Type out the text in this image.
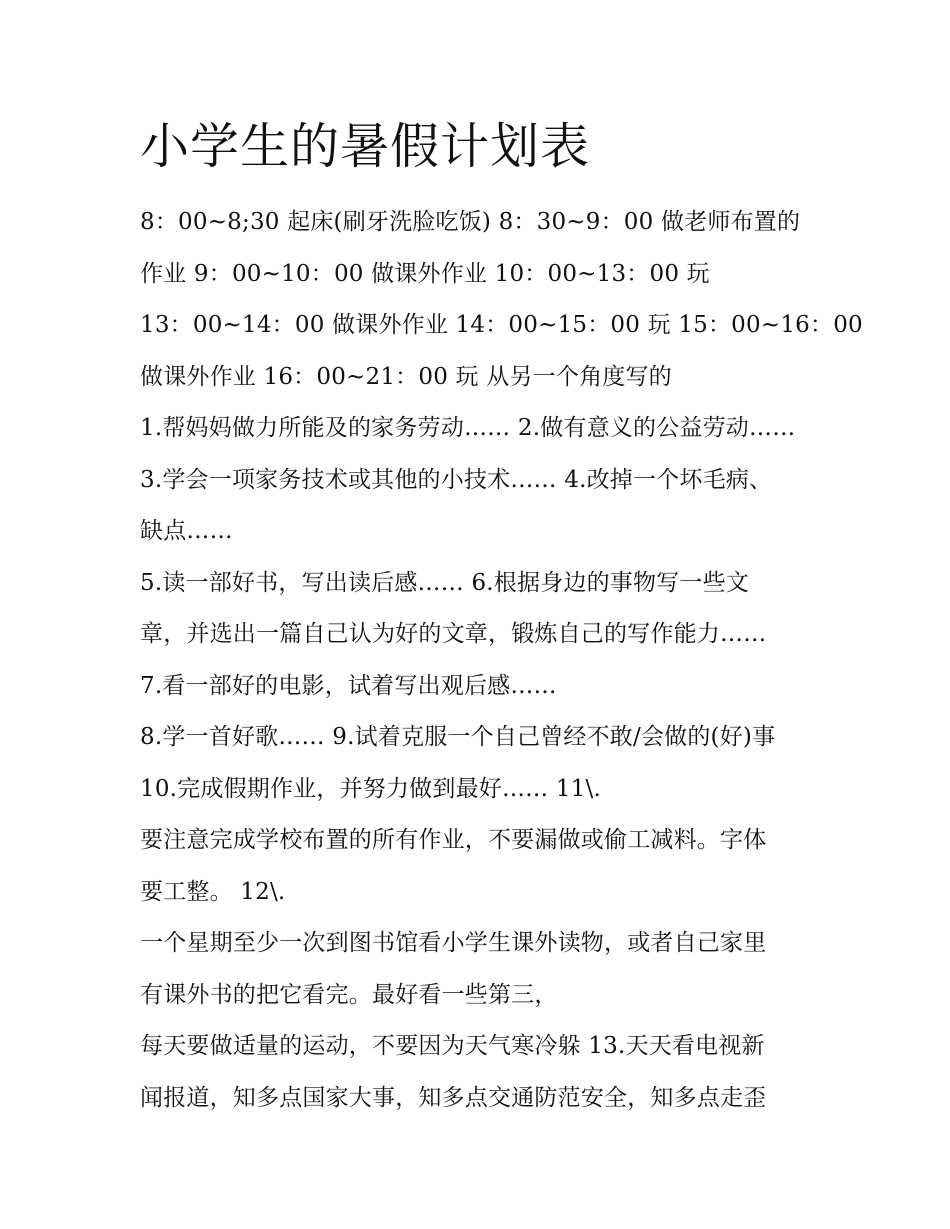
小学生的暑假计划表
8：00~8;30 起床(刷牙洗脸吃饭) 8：30~9：00 做老师布置的
作业 9：00~10：00 做课外作业 10：00~13：00 玩
13：00~14：00 做课外作业 14：00~15：00 玩 15：00~16：00
做课外作业 16：00~21：00 玩 从另一个角度写的
1.帮妈妈做力所能及的家务劳动…… 2.做有意义的公益劳动……
3.学会一项家务技术或其他的小技术…… 4.改掉一个坏毛病、
缺点……
5.读一部好书，写出读后感…… 6.根据身边的事物写一些文
章，并选出一篇自己认为好的文章，锻炼自己的写作能力……
7.看一部好的电影，试着写出观后感……
8.学一首好歌…… 9.试着克服一个自己曾经不敢/会做的(好)事
10.完成假期作业，并努力做到最好…… 11\.
要注意完成学校布置的所有作业，不要漏做或偷工减料。字体
要工整。 12\.
一个星期至少一次到图书馆看小学生课外读物，或者自己家里
有课外书的把它看完。最好看一些第三，
每天要做适量的运动，不要因为天气寒冷躲 13.天天看电视新
闻报道，知多点国家大事，知多点交通防范安全，知多点走歪
